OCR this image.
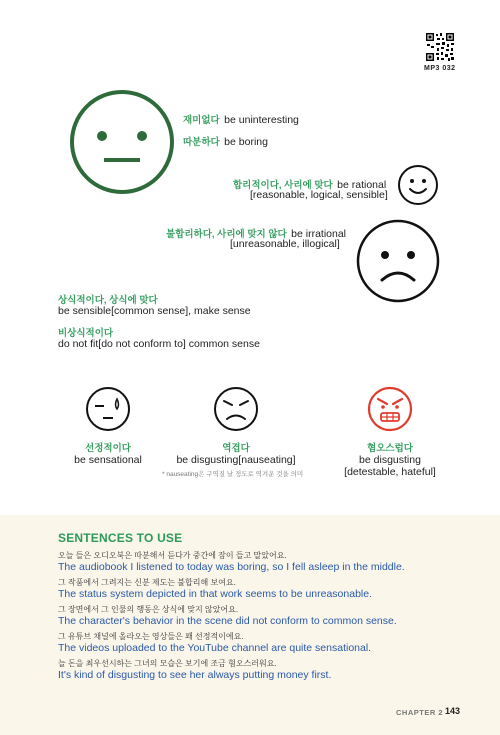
MP3 032
재미없다 be uninteresting
따분하다 be boring
합리적이다, 사리에 맞다 be rational
[reasonable, logical, sensible]
불합리하다, 사리에 맞지 않다 be irrational
[unreasonable, illogical]
상식적이다, 상식에 맞다
be sensible[common sense], make sense
비상식적이다
do not fit[do not conform to] common sense
선정적이다
be sensational
역겹다
be disgusting[nauseating]
* nauseating은 구역질 날 정도로 역겨운 것을 의미
혐오스럽다
be disgusting
[detestable, hateful]
SENTENCES TO USE
오늘 들은 오디오북은 따분해서 듣다가 중간에 잠이 들고 말았어요.
The audiobook I listened to today was boring, so I fell asleep in the middle.
그 작품에서 그려지는 신분 제도는 불합리해 보여요.
The status system depicted in that work seems to be unreasonable.
그 장면에서 그 인물의 행동은 상식에 맞지 않았어요.
The character's behavior in the scene did not conform to common sense.
그 유튜브 채널에 올라오는 영상들은 꽤 선정적이에요.
The videos uploaded to the YouTube channel are quite sensational.
늘 돈을 최우선시하는 그녀의 모습은 보기에 조금 혐오스러워요.
It's kind of disgusting to see her always putting money first.
CHAPTER 2 143
